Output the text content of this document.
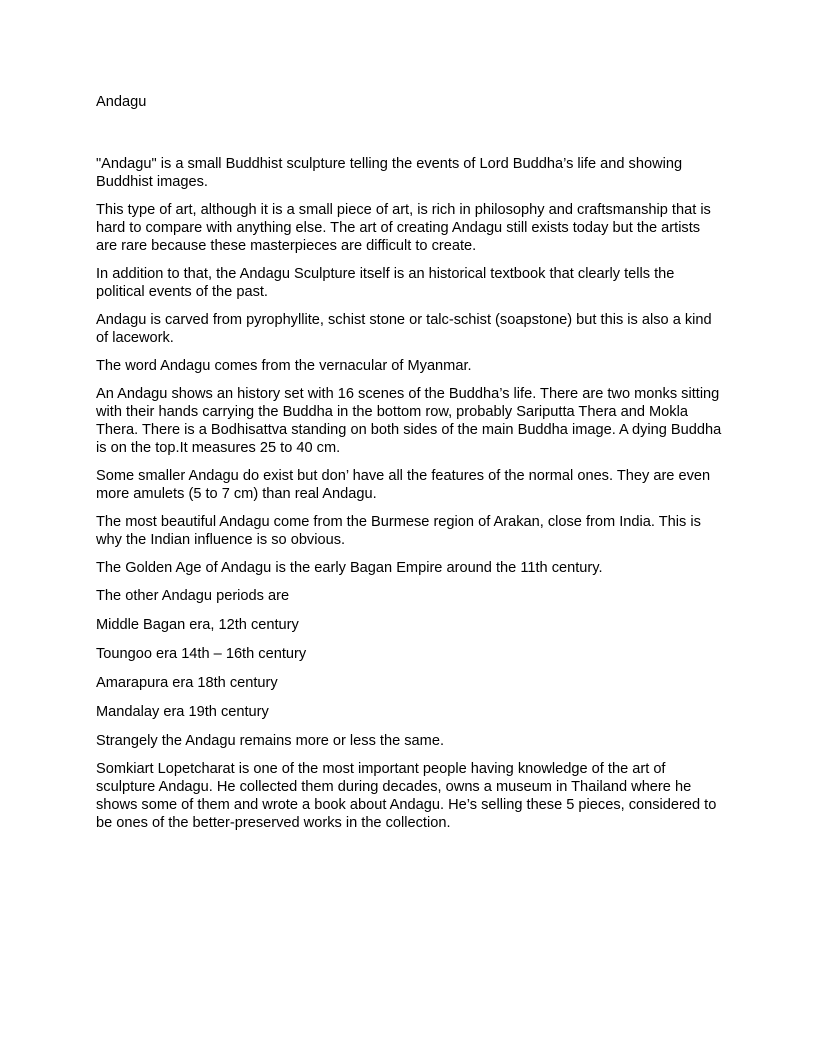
Andagu

"Andagu" is a small Buddhist sculpture telling the events of Lord Buddha’s life and showing Buddhist images.

This type of art, although it is a small piece of art, is rich in philosophy and craftsmanship that is hard to compare with anything else. The art of creating Andagu still exists today but the artists are rare because these masterpieces are difficult to create.

In addition to that, the Andagu Sculpture itself is an historical textbook that clearly tells the political events of the past.

Andagu is carved from pyrophyllite, schist stone or talc-schist (soapstone) but this is also a kind of lacework.

The word Andagu comes from the vernacular of Myanmar.

An Andagu shows an history set with 16 scenes of the Buddha’s life. There are two monks sitting with their hands carrying the Buddha in the bottom row, probably Sariputta Thera and Mokla Thera. There is a Bodhisattva standing on both sides of the main Buddha image. A dying Buddha is on the top.It measures 25 to 40 cm.

Some smaller Andagu do exist but don’ have all the features of the normal ones. They are even more amulets (5 to 7 cm) than real Andagu.

The most beautiful Andagu come from the Burmese region of Arakan, close from India. This is why the Indian influence is so obvious.

The Golden Age of Andagu is the early Bagan Empire around the 11th century.

The other Andagu periods are

Middle Bagan era, 12th century

Toungoo era 14th – 16th century

Amarapura era 18th century

Mandalay era 19th century

Strangely the Andagu remains more or less the same.

Somkiart Lopetcharat is one of the most important people having knowledge of the art of sculpture Andagu. He collected them during decades, owns a museum in Thailand where he shows some of them and wrote a book about Andagu. He’s selling these 5 pieces, considered to be ones of the better-preserved works in the collection.
